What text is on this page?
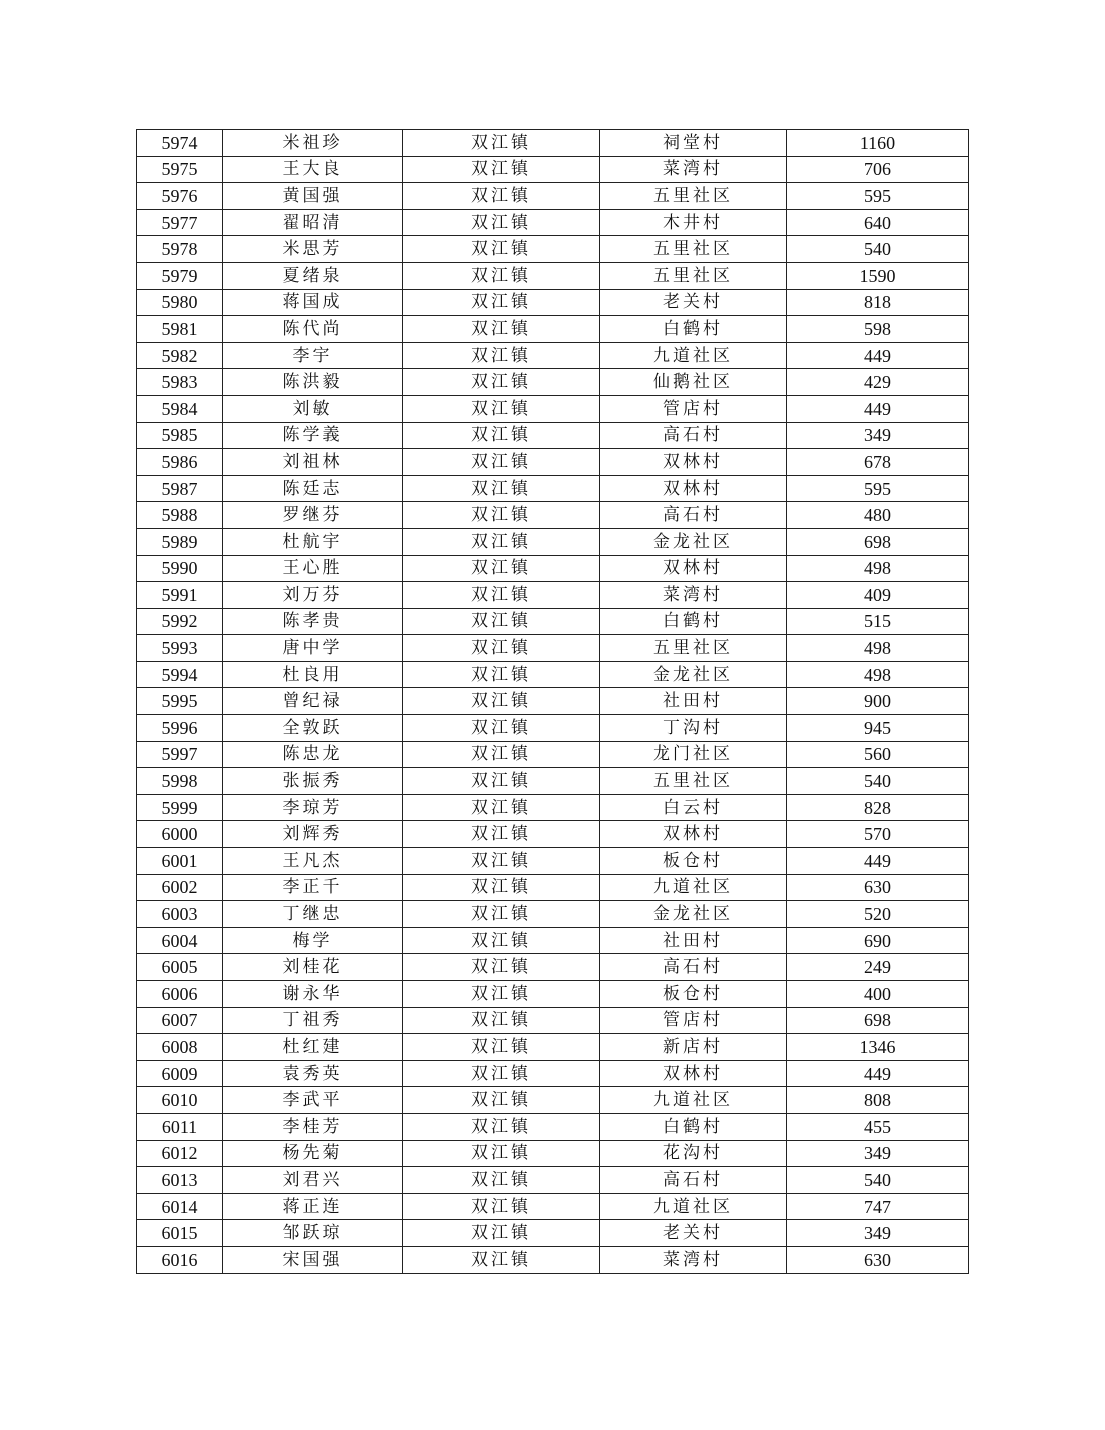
5974	米祖珍	双江镇	祠堂村	1160
5975	王大良	双江镇	菜湾村	706
5976	黄国强	双江镇	五里社区	595
5977	翟昭清	双江镇	木井村	640
5978	米思芳	双江镇	五里社区	540
5979	夏绪泉	双江镇	五里社区	1590
5980	蒋国成	双江镇	老关村	818
5981	陈代尚	双江镇	白鹤村	598
5982	李宇	双江镇	九道社区	449
5983	陈洪毅	双江镇	仙鹅社区	429
5984	刘敏	双江镇	管店村	449
5985	陈学義	双江镇	高石村	349
5986	刘祖林	双江镇	双林村	678
5987	陈廷志	双江镇	双林村	595
5988	罗继芬	双江镇	高石村	480
5989	杜航宇	双江镇	金龙社区	698
5990	王心胜	双江镇	双林村	498
5991	刘万芬	双江镇	菜湾村	409
5992	陈孝贵	双江镇	白鹤村	515
5993	唐中学	双江镇	五里社区	498
5994	杜良用	双江镇	金龙社区	498
5995	曾纪禄	双江镇	社田村	900
5996	全敦跃	双江镇	丁沟村	945
5997	陈忠龙	双江镇	龙门社区	560
5998	张振秀	双江镇	五里社区	540
5999	李琼芳	双江镇	白云村	828
6000	刘辉秀	双江镇	双林村	570
6001	王凡杰	双江镇	板仓村	449
6002	李正千	双江镇	九道社区	630
6003	丁继忠	双江镇	金龙社区	520
6004	梅学	双江镇	社田村	690
6005	刘桂花	双江镇	高石村	249
6006	谢永华	双江镇	板仓村	400
6007	丁祖秀	双江镇	管店村	698
6008	杜红建	双江镇	新店村	1346
6009	袁秀英	双江镇	双林村	449
6010	李武平	双江镇	九道社区	808
6011	李桂芳	双江镇	白鹤村	455
6012	杨先菊	双江镇	花沟村	349
6013	刘君兴	双江镇	高石村	540
6014	蒋正连	双江镇	九道社区	747
6015	邹跃琼	双江镇	老关村	349
6016	宋国强	双江镇	菜湾村	630
